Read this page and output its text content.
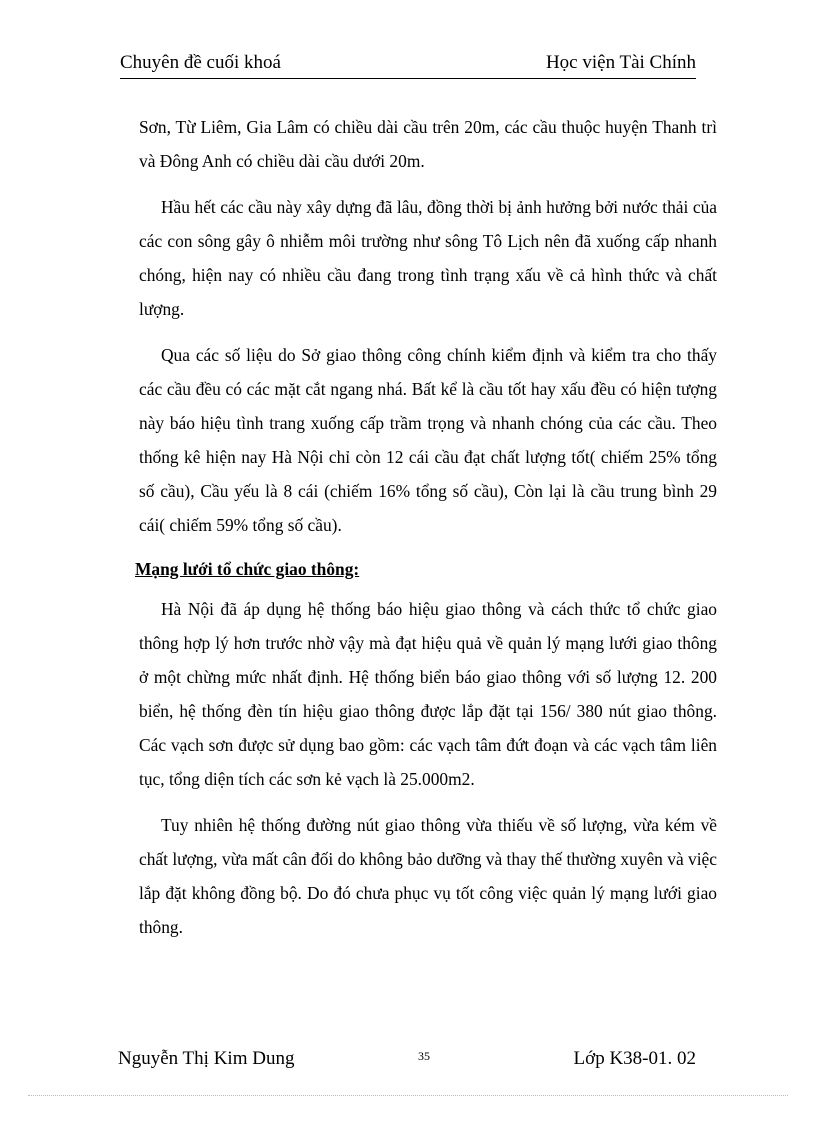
Chuyên đề cuối khoá	Học viện Tài Chính

Sơn, Từ Liêm, Gia Lâm có chiều dài cầu trên 20m, các cầu thuộc huyện Thanh trì và Đông Anh có chiều dài cầu dưới 20m.

Hầu hết các cầu này xây dựng đã lâu, đồng thời bị ảnh hưởng bởi nước thải của các con sông gây ô nhiễm môi trường như sông Tô Lịch nên đã xuống cấp nhanh chóng, hiện nay có nhiều cầu đang trong tình trạng xấu về cả hình thức và chất lượng.

Qua các số liệu do Sở giao thông công chính kiểm định và kiểm tra cho thấy các cầu đều có các mặt cắt ngang nhá. Bất kể là cầu tốt hay xấu đều có hiện tượng này báo hiệu tình trang xuống cấp trầm trọng và nhanh chóng của các cầu. Theo thống kê hiện nay Hà Nội chỉ còn 12 cái cầu đạt chất lượng tốt( chiếm 25% tổng số cầu), Cầu yếu là 8 cái (chiếm 16% tổng số cầu), Còn lại là cầu trung bình 29 cái( chiếm 59% tổng số cầu).

Mạng lưới tổ chức giao thông:

Hà Nội đã áp dụng hệ thống báo hiệu giao thông và cách thức tổ chức giao thông hợp lý hơn trước nhờ vậy mà đạt hiệu quả về quản lý mạng lưới giao thông ở một chừng mức nhất định. Hệ thống biển báo giao thông với số lượng 12. 200 biển, hệ thống đèn tín hiệu giao thông được lắp đặt tại 156/ 380 nút giao thông. Các vạch sơn được sử dụng bao gồm: các vạch tâm đứt đoạn và các vạch tâm liên tục, tổng diện tích các sơn kẻ vạch là 25.000m2.

Tuy nhiên hệ thống đường nút giao thông vừa thiếu về số lượng, vừa kém về chất lượng, vừa mất cân đối do không bảo dưỡng và thay thế thường xuyên và việc lắp đặt không đồng bộ. Do đó chưa phục vụ tốt công việc quản lý mạng lưới giao thông.

Nguyễn Thị Kim Dung	35	Lớp K38-01. 02
